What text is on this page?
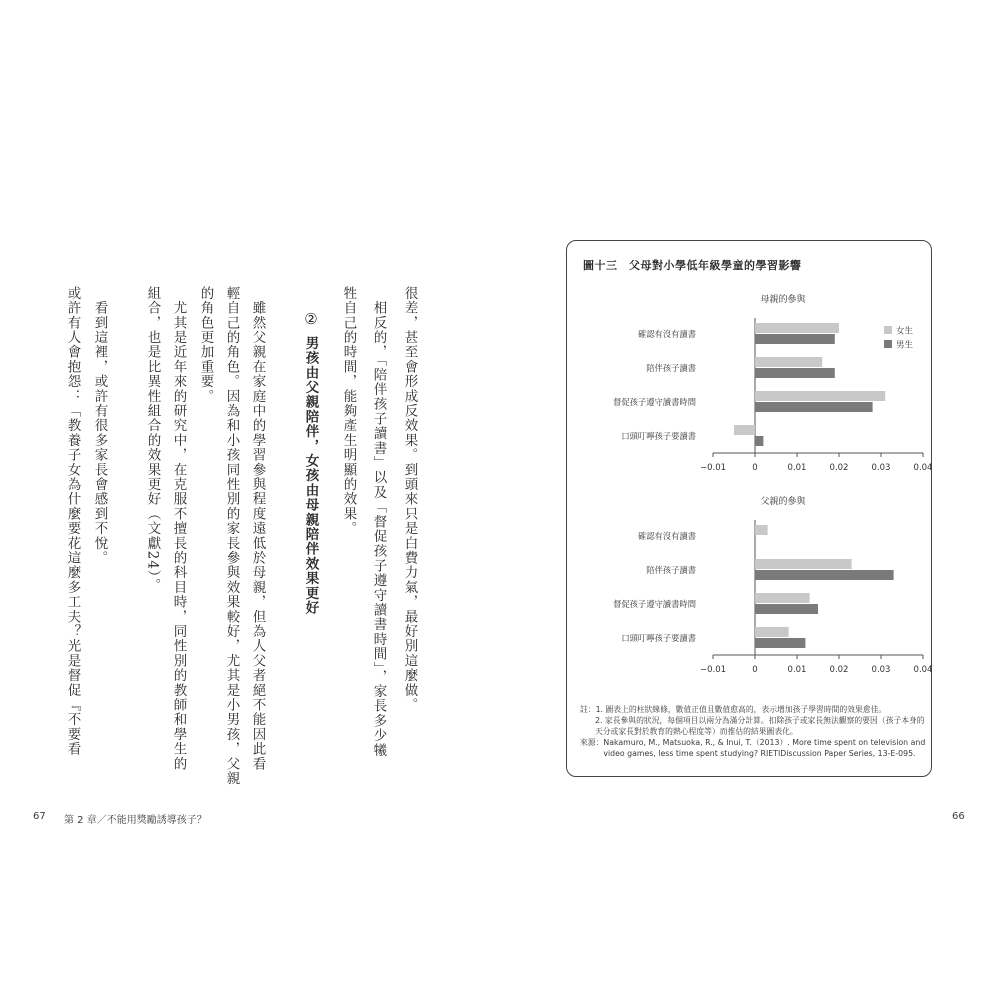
很差，甚至會形成反效果。到頭來只是白費力氣，最好別這麼做。
　相反的，「陪伴孩子讀書」以及「督促孩子遵守讀書時間」，家長多少犧
牲自己的時間，能夠產生明顯的效果。
②
男孩由父親陪伴，女孩由母親陪伴效果更好
　雖然父親在家庭中的學習參與程度遠低於母親，但為人父者絕不能因此看
輕自己的角色。因為和小孩同性別的家長參與效果較好，尤其是小男孩，父親
的角色更加重要。
　尤其是近年來的研究中，在克服不擅長的科目時，同性別的教師和學生的
組合，也是比異性組合的效果更好（文獻24）。
　看到這裡，或許有很多家長會感到不悅。
或許有人會抱怨：「教養子女為什麼要花這麼多工夫？光是督促『不要看
67 第 2 章／不能用獎勵誘導孩子？	66
圖十三　父母對小學低年級學童的學習影響
母親的參與
−0.01	0	0.01	0.02	0.03	0.04
確認有沒有讀書
陪伴孩子讀書
督促孩子遵守讀書時間
口頭叮嚀孩子要讀書
女生
男生
父親的參與
−0.01	0	0.01	0.02	0.03	0.04
確認有沒有讀書
陪伴孩子讀書
督促孩子遵守讀書時間
口頭叮嚀孩子要讀書
註： 1. 圖表上的柱狀線條，數值正值且數值愈高的，表示增加孩子學習時間的效果愈佳。
2. 家長參與的狀況，每個項目以兩分為滿分計算。扣除孩子或家長無法觀察的要因（孩子本身的天分或家長對於教育的熱心程度等）而推估的結果圖表化。
來源： Nakamuro, M., Matsuoka, R., & Inui, T.（2013）. More time spent on television and video games, less time spent studying? RIETIDiscussion Paper Series, 13-E-095.
